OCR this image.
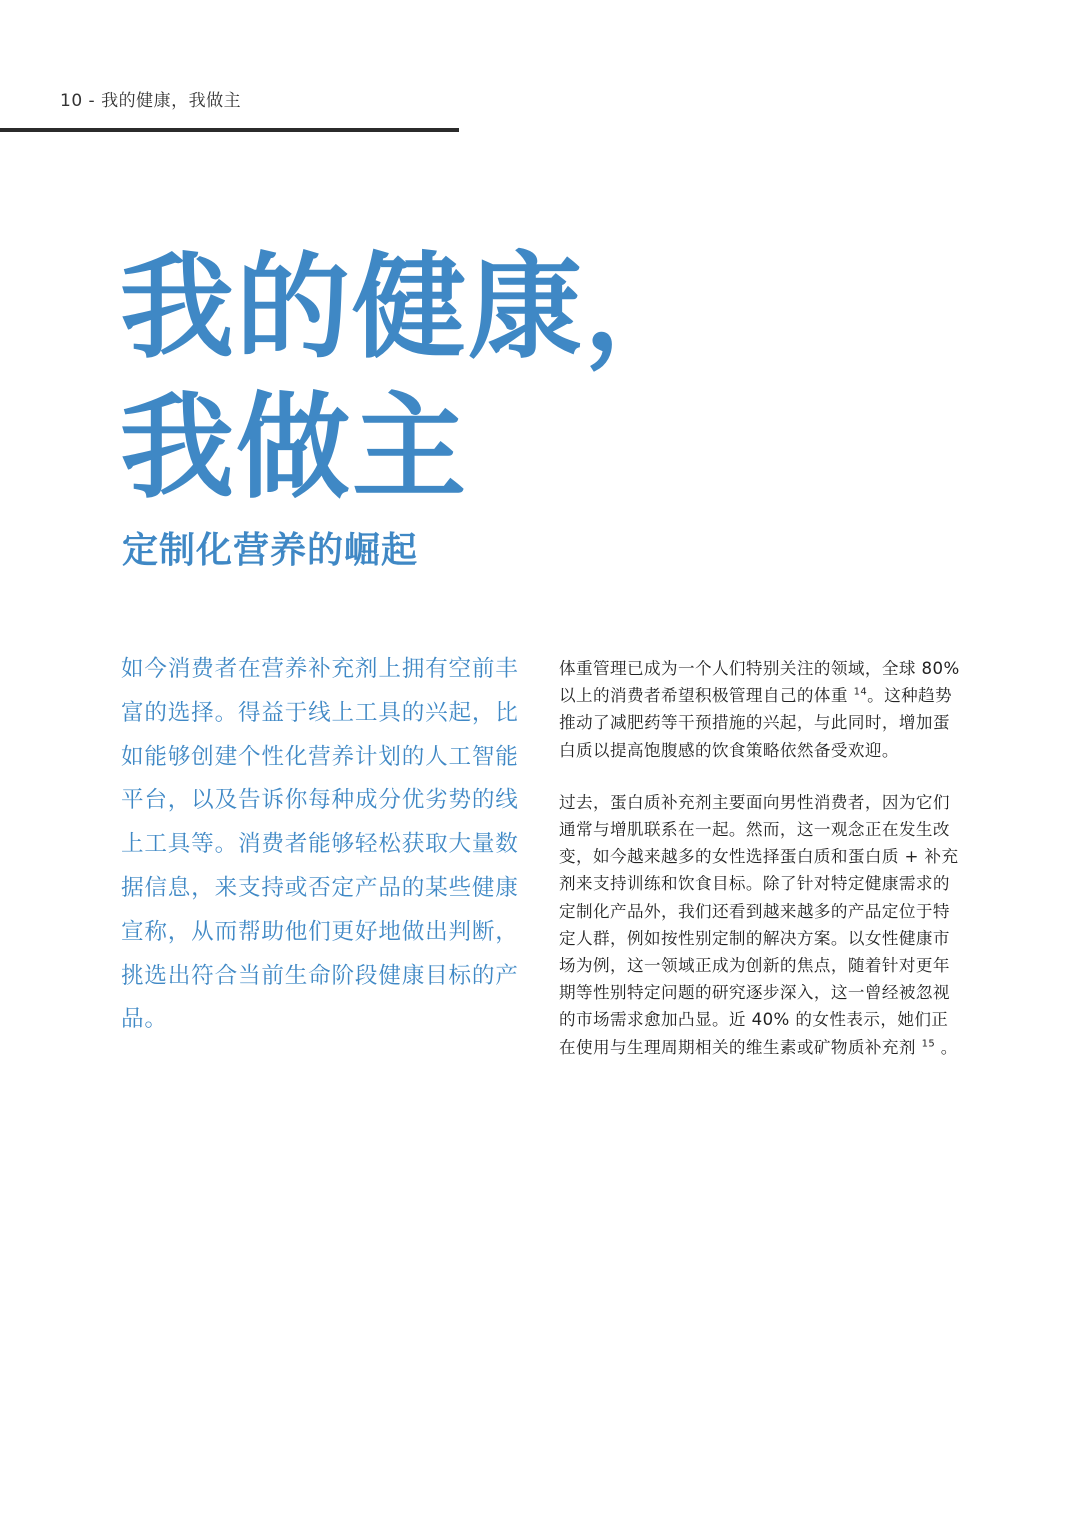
10 - 我的健康，我做主
我的健康，
我做主
定制化营养的崛起

如今消费者在营养补充剂上拥有空前丰富的选择。得益于线上工具的兴起，比如能够创建个性化营养计划的人工智能平台，以及告诉你每种成分优劣势的线上工具等。消费者能够轻松获取大量数据信息，来支持或否定产品的某些健康宣称，从而帮助他们更好地做出判断，挑选出符合当前生命阶段健康目标的产品。

体重管理已成为一个人们特别关注的领域，全球 80% 以上的消费者希望积极管理自己的体重 $^{14}$。这种趋势推动了减肥药等干预措施的兴起，与此同时，增加蛋白质以提高饱腹感的饮食策略依然备受欢迎。

过去，蛋白质补充剂主要面向男性消费者，因为它们通常与增肌联系在一起。然而，这一观念正在发生改变，如今越来越多的女性选择蛋白质和蛋白质 + 补充剂来支持训练和饮食目标。除了针对特定健康需求的定制化产品外，我们还看到越来越多的产品定位于特定人群，例如按性别定制的解决方案。以女性健康市场为例，这一领域正成为创新的焦点，随着针对更年期等性别特定问题的研究逐步深入，这一曾经被忽视的市场需求愈加凸显。近 40% 的女性表示，她们正在使用与生理周期相关的维生素或矿物质补充剂 $^{15}$ 。
